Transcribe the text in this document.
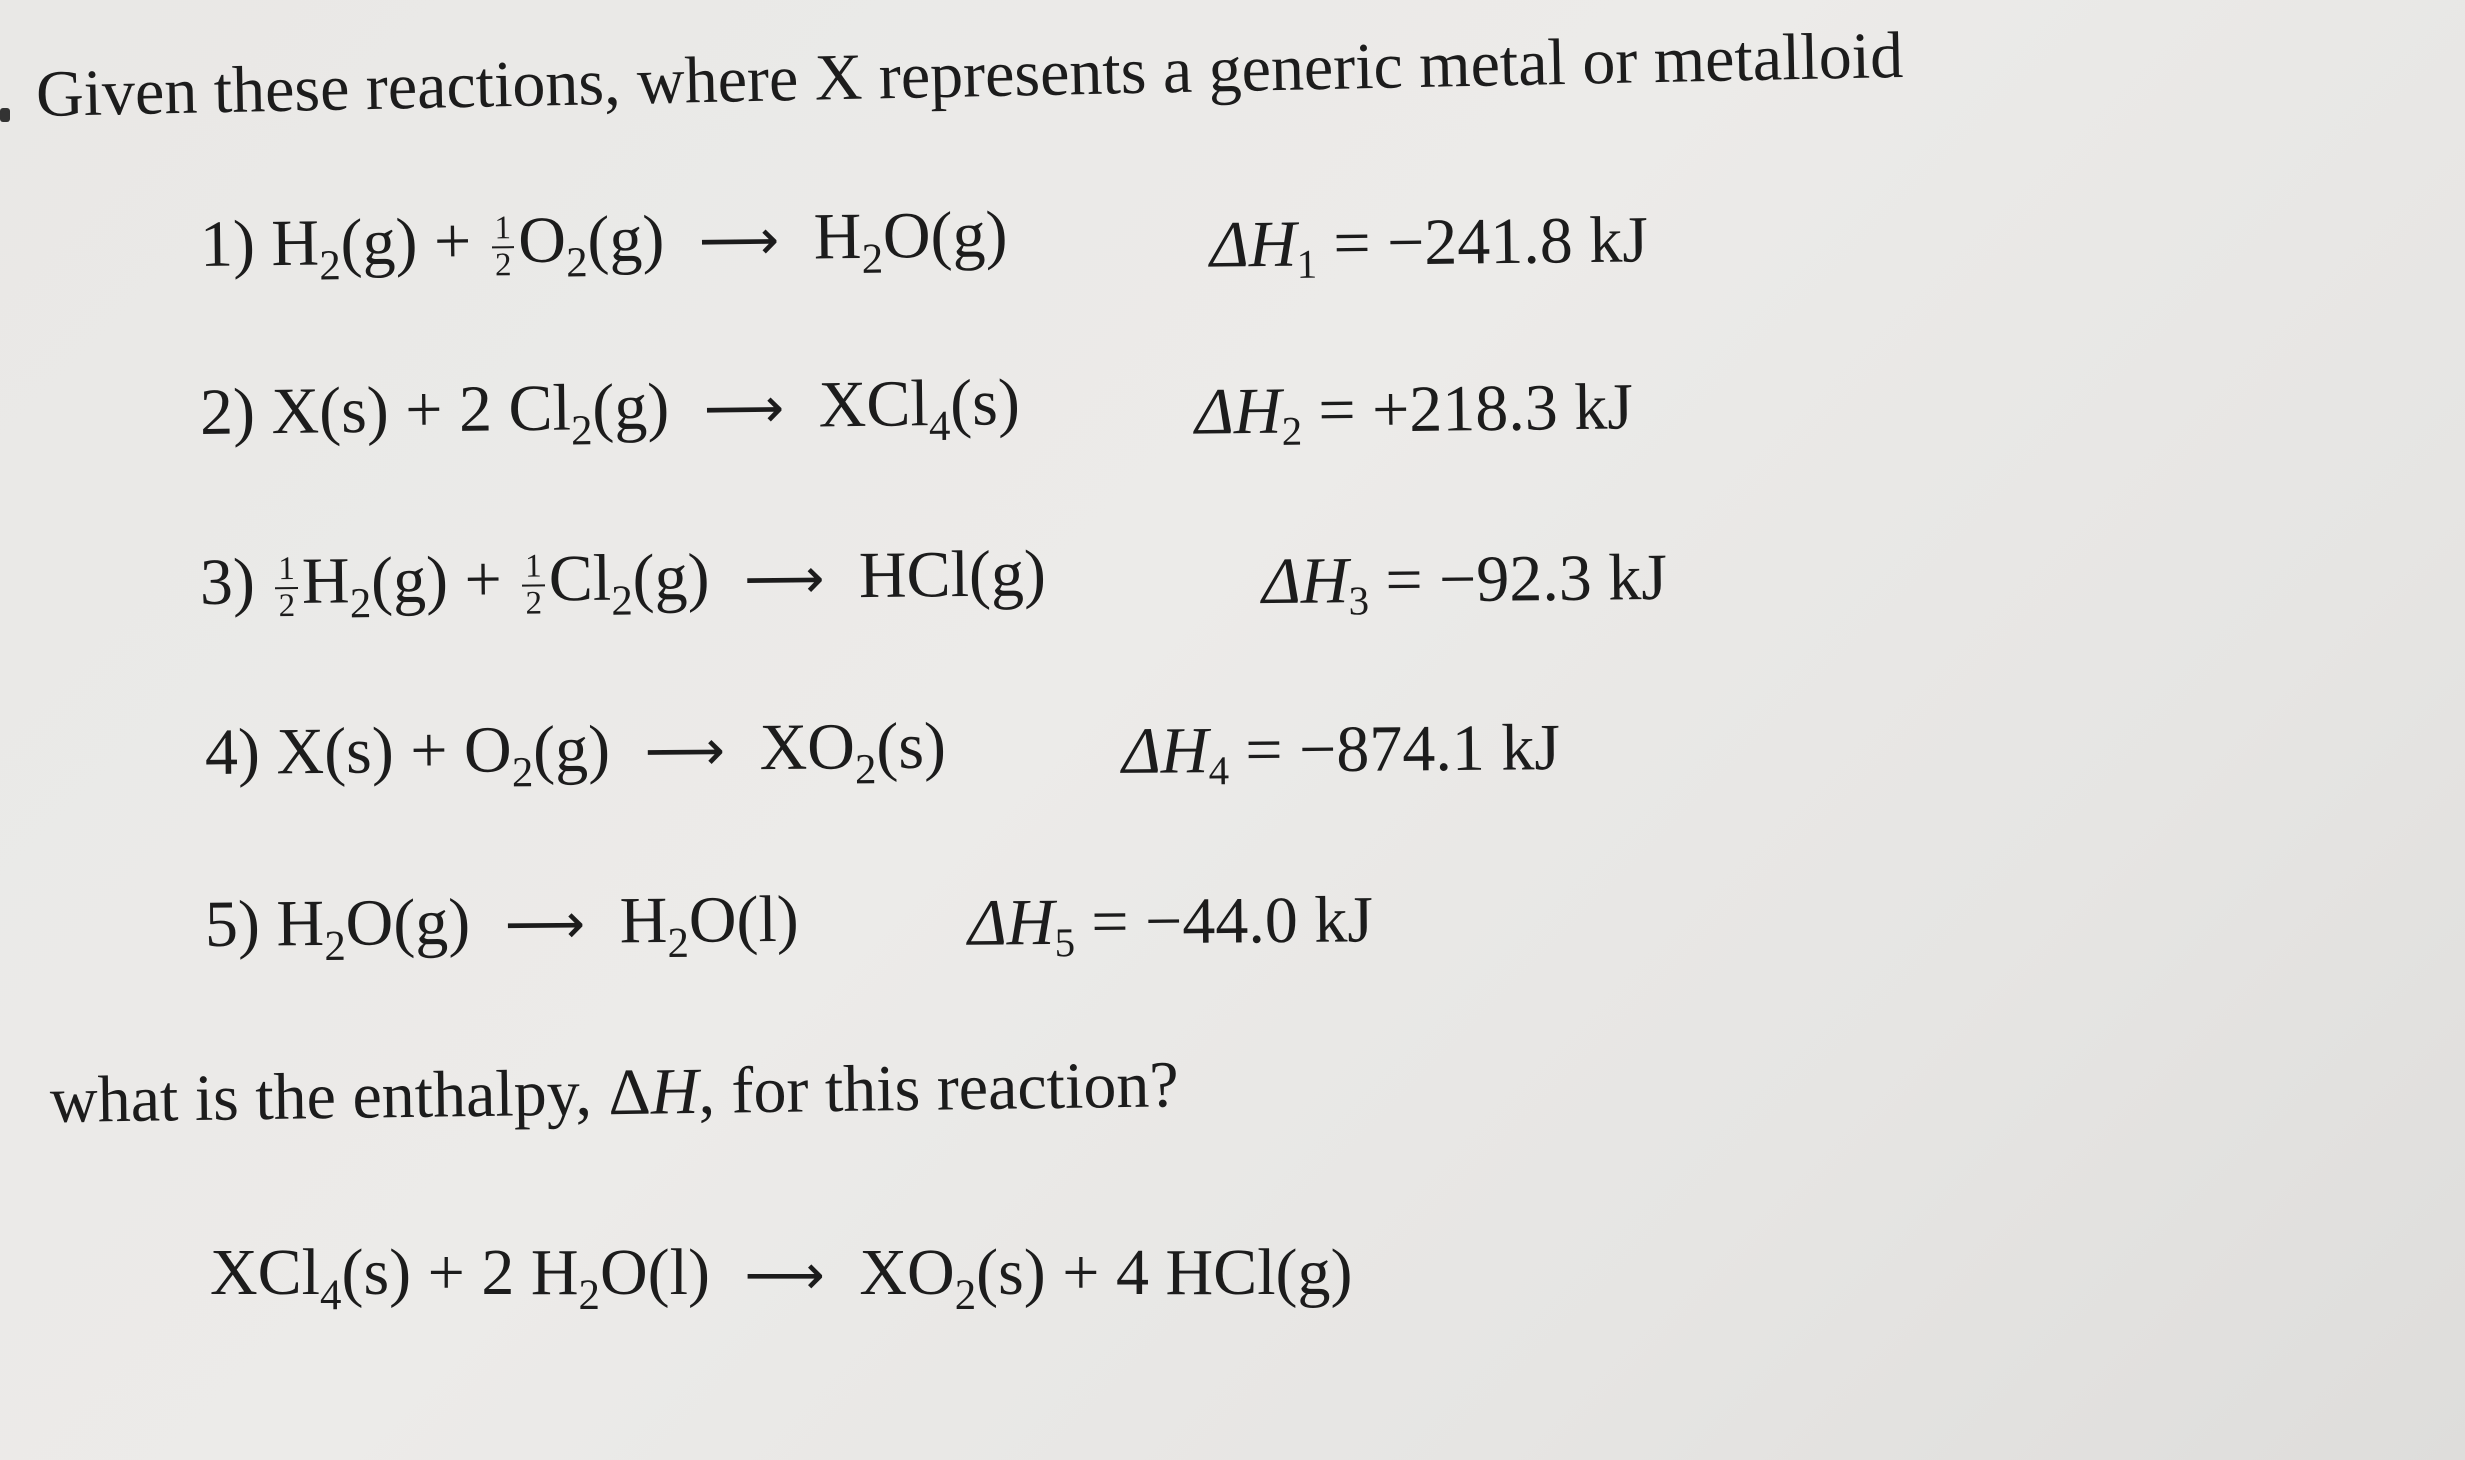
Given these reactions, where X represents a generic metal or metalloid
1) $H_2(g) + \frac{1}{2} O_2(g)$ ⟶ $H_2O(g)$	ΔH1 = −241.8 kJ
2) X(s) + 2 $Cl_2(g)$ ⟶ XCl$_4$(s)	ΔH2 = +218.3 kJ
$3) \frac{1}{2} H_2(g) + \frac{1}{2} Cl_2(g)$ ⟶ HCl(g)	ΔH3 = −92.3 kJ
4) $X(s) + O_2(g)$ ⟶ $XO_2(s)$	ΔH4 = −874.1 kJ
5) $H_2O(g)$ ⟶ $H_2O(l)$	ΔH5 = −44.0 kJ
what is the enthalpy, ΔH, for this reaction?
XCl$_4$(s) + 2 $H_2O(l)$ ⟶ $XO_2(s) + 4$ HCl(g)
